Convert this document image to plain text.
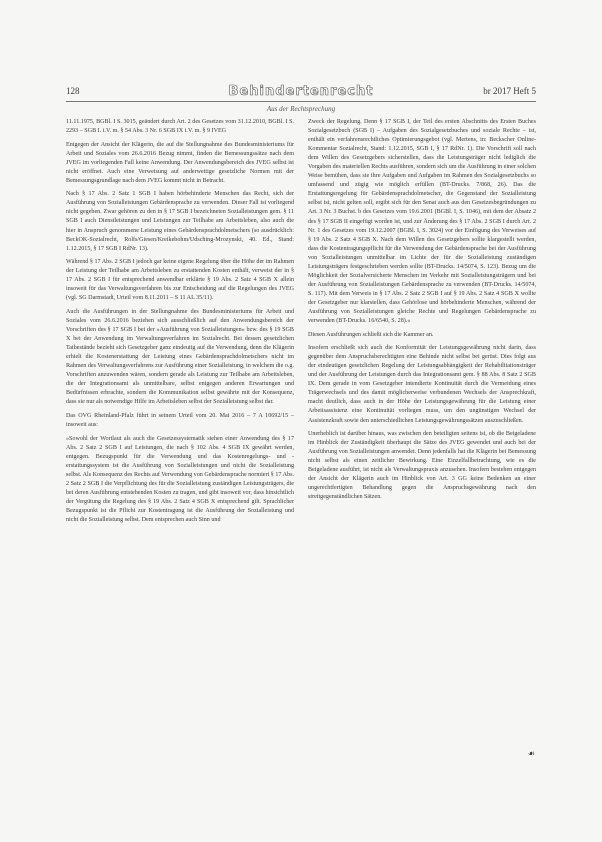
128	Behindertenrecht	br 2017 Heft 5
Aus der Rechtsprechung

11.11.1975, BGBl. I S. 3015, geändert durch Art. 2 des Gesetzes vom 31.12.2010, BGBl. I S. 2293 – SGB I. i.V. m. § 54 Abs. 3 Nr. 6 SGB IX i.V. m. § 9 IVEG

Entgegen der Ansicht der Klägerin, die auf die Stellungnahme des Bundesministeriums für Arbeit und Soziales vom 26.6.2016 Bezug nimmt, finden die Bemessungssätze nach dem JVEG im vorliegenden Fall keine Anwendung. Der Anwendungsbereich des JVEG selbst ist nicht eröffnet. Auch eine Verweisung auf anderweitige gesetzliche Normen mit der Bemessungsgrundlage nach dem JVEG kommt nicht in Betracht.

Nach § 17 Abs. 2 Satz 1 SGB I haben hörbehinderte Menschen das Recht, sich der Ausführung von Sozialleistungen Gebärdensprache zu verwenden. Dieser Fall ist vorliegend nicht gegeben. Zwar gehören zu den in § 17 SGB I bezeichneten Sozialleistungen gem. § 11 SGB I auch Dienstleistungen und Leistungen zur Teilhabe am Arbeitsleben, also auch die hier in Anspruch genommene Leistung eines Gebärdensprachdolmetschers (so ausdrücklich: BeckOK-Sozialrecht, Rolfs/Giesen/Kreikebohm/Udsching-Mrozynski, 40. Ed., Stand: 1.12.2015, § 17 SGB I RdNr. 13).

Während § 17 Abs. 2 SGB I jedoch gar keine eigene Regelung über die Höhe der im Rahmen der Leistung der Teilhabe am Arbeitsleben zu erstattenden Kosten enthält, verweist der in § 17 Abs. 2 SGB I für entsprechend anwendbar erklärte § 19 Abs. 2 Satz 4 SGB X allein insoweit für das Verwaltungsverfahren bis zur Entscheidung auf die Regelungen des JVEG (vgl. SG Darmstadt, Urteil vom 8.11.2011 – S 11 AL 35/11).

Auch die Ausführungen in der Stellungnahme des Bundesministeriums für Arbeit und Soziales vom 26.6.2016 beziehen sich ausschließlich auf den Anwendungsbereich der Vorschriften des § 17 SGB I bei der »Ausführung von Sozialleistungen« bzw. des § 19 SGB X bei der Anwendung im Verwaltungsverfahren im Sozialrecht. Bei dessen gesetzlichen Tatbestände bezieht sich Gesetzgeber ganz eindeutig auf die Verwendung, denn die Klägerin erhielt die Kostenerstattung der Leistung eines Gebärdensprachdolmetschers nicht im Rahmen des Verwaltungsverfahrens zur Ausführung einer Sozialleistung, in welchem die o.g. Vorschriften anzuwenden wären, sondern gerade als Leistung zur Teilhabe am Arbeitsleben, die der Integrationsamt als unmittelbare, selbst entgegen anderen Erwartungen und Bedürfnissen erbrachte, sondern die Kommunikation selbst gewährte mit der Konsequenz, dass sie nur als notwendige Hilfe im Arbeitsleben selbst der Sozialleistung selbst dar.

Das OVG Rheinland-Pfalz führt in seinem Urteil vom 20. Mai 2016 – 7 A 10692/15 – insoweit aus:

»Sowohl der Wortlaut als auch die Gesetzessystematik stehen einer Anwendung des § 17 Abs. 2 Satz 2 SGB I auf Leistungen, die nach § 102 Abs. 4 SGB IX gewährt werden, entgegen. Bezugspunkt für die Verwendung und das Kostenregelungs- und -erstattungssystem ist die Ausführung von Sozialleistungen und nicht die Sozialleistung selbst. Als Konsequenz des Rechts auf Verwendung von Gebärdensprache normiert § 17 Abs. 2 Satz 2 SGB I die Verpflichtung des für die Sozialleistung zuständigen Leistungsträgers, die bei deren Ausführung entstehenden Kosten zu tragen, und gibt insoweit vor, dass hinsichtlich der Vergütung die Regelung des § 19 Abs. 2 Satz 4 SGB X entsprechend gilt. Sprachlicher Bezugspunkt ist die Pflicht zur Kostentragung ist die Ausführung der Sozialleistung und nicht die Sozialleistung selbst. Dem entsprechen auch Sinn und

Zweck der Regelung. Denn § 17 SGB I, der Teil des ersten Abschnitts des Ersten Buches Sozialgesetzbuch (SGB I) – Aufgaben des Sozialgesetzbuches und soziale Rechte – ist, enthält ein verfahrensrechtliches Optimierungsgebot (vgl. Mertens, in: Beckscher Online-Kommentar Sozialrecht, Stand: 1.12.2015, SGB I, § 17 RdNr. 1). Die Vorschrift soll nach dem Willen des Gesetzgebers sicherstellen, dass die Leistungsträger nicht lediglich die Vorgaben des materiellen Rechts ausführen, sondern sich um die Ausführung in einer solchen Weise bemühen, dass sie ihre Aufgaben und Aufgaben im Rahmen des Sozialgesetzbuchs so umfassend und zügig wie möglich erfüllen (BT-Drucks. 7/868, 26). Das die Erstattungsregelung für Gebärdensprachdolmetscher, die Gegenstand der Sozialleistung selbst ist, nicht gelten soll, ergibt sich für den Senat auch aus den Gesetzesbegründungen zu Art. 3 Nr. 3 Buchst. b des Gesetzes vom 19.6.2001 (BGBl. I, S. 1046), mit dem der Absatz 2 des § 17 SGB II eingefügt worden ist, und zur Änderung des § 17 Abs. 2 SGB I durch Art. 2 Nr. 1 des Gesetzes vom 19.12.2007 (BGBl. I, S. 3024) vor der Einfügung des Verweises auf § 19 Abs. 2 Satz 4 SGB X. Nach dem Willen des Gesetzgebers sollte klargestellt werden, dass die Kostentragungspflicht für die Verwendung der Gebärdensprache bei der Ausführung von Sozialleistungen unmittelbar im Lichte der für die Sozialleistung zuständigen Leistungsträgers festgeschrieben werden sollte (BT-Drucks. 14/5074, S. 123). Bezug um die Möglichkeit der Sozialversicherte Menschen im Verkehr mit Sozialleistungsträgern und bei der Ausführung von Sozialleistungen Gebärdensprache zu verwenden (BT-Drucks. 14/5074, S. 117). Mit dem Verweis in § 17 Abs. 2 Satz 2 SGB I auf § 19 Abs. 2 Satz 4 SGB X wollte der Gesetzgeber nur klarstellen, dass Gehörlose und hörbehinderte Menschen, während der Ausführung von Sozialleistungen gleiche Rechte und Regelungen Gebärdensprache zu verwenden (BT-Drucks. 16/6540, S. 28).«

Diesen Ausführungen schließt sich die Kammer an.

Insofern erschließt sich auch die Konformität der Leistungsgewährung nicht darin, dass gegenüber dem Anspruchsberechtigten eine Behinde nicht selbst bei gerüst. Dies folgt aus der eindeutigen gesetzlichen Regelung der Leistungsabhängigkeit der Rehabilitationsträger und der Ausführung der Leistungen durch das Integrationsamt gem. § 88 Abs. 8 Satz 2 SGB IX. Dem gerade in vom Gesetzgeber intendierte Kontinuität durch die Vermeidung eines Trägerwechsels und des damit möglicherweise verbundenen Wechsels der Ansprechkraft, macht deutlich, dass auch in der Höhe der Leistungsgewährung für die Leistung einer Arbeitsassistenz eine Kontinuität vorliegen muss, um den ungünstigen Wechsel der Assistenzkraft sowie den unterschiedlichen Leistungsgewährungssätzen auszuschließen.

Unerheblich ist darüber hinaus, was zwischen den beteiligten seitens ist, ob die Beigeladene im Hinblick der Zuständigkeit überhaupt die Sätze des JVEG gewendet und auch bei der Ausführung von Sozialleistungen anwendet. Denn jedenfalls hat die Klägerin bei Bemessung nicht selbst als einen zeitlicher Bewirkung. Eine Einzelfallbetrachtung, wie es die Beigeladene ausführt, ist nicht als Verwaltungspraxis anzusehen. Insofern bestehen entgegen der Ansicht der Klägerin auch im Hinblick von Art. 3 GG keine Bedenken an einer ungerechtfertigten Behandlung gegen die Anspruchsgewährung nach den streitgegenständlichen Sätzen.

☙
